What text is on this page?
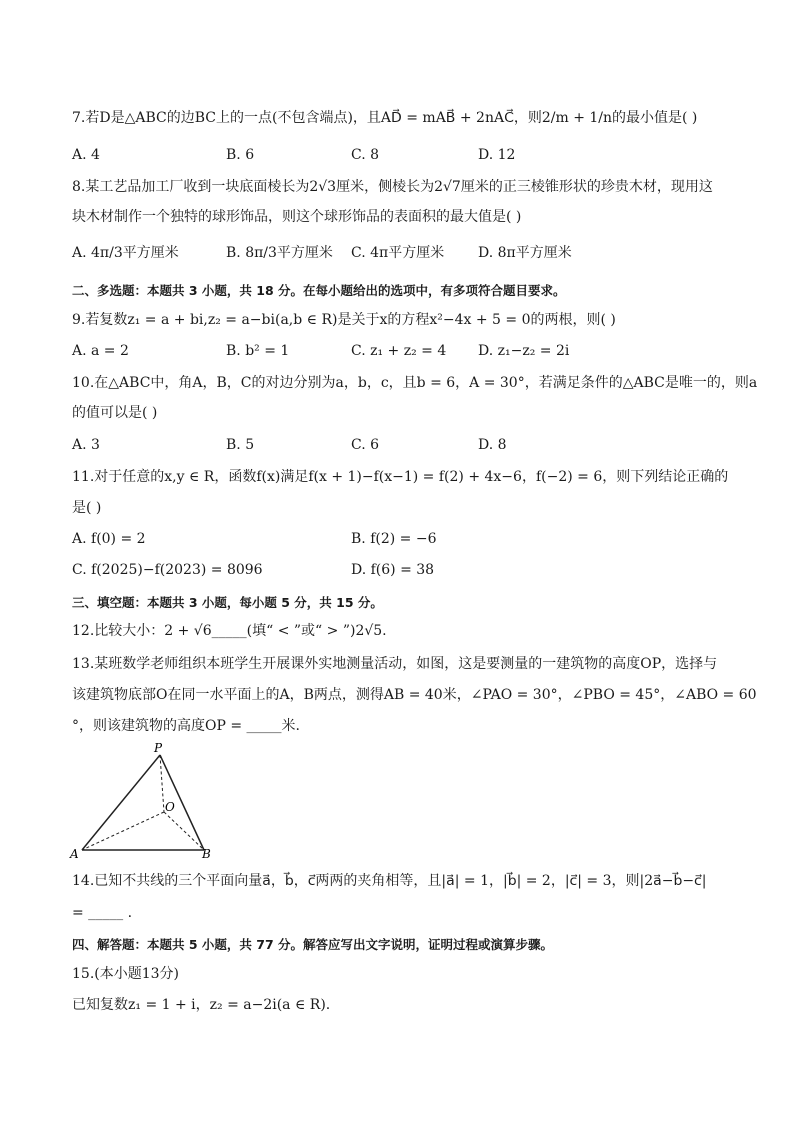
7.若D是△ABC的边BC上的一点(不包含端点)，且AD⃗ = mAB⃗ + 2nAC⃗，则2/m + 1/n的最小值是( )
A. 4	B. 6	C. 8	D. 12
8.某工艺品加工厂收到一块底面棱长为2√3厘米，侧棱长为2√7厘米的正三棱锥形状的珍贵木材，现用这
块木材制作一个独特的球形饰品，则这个球形饰品的表面积的最大值是( )
A. 4π/3平方厘米	B. 8π/3平方厘米 C. 4π平方厘米 D. 8π平方厘米
二、多选题：本题共 3 小题，共 18 分。在每小题给出的选项中，有多项符合题目要求。
9.若复数z₁ = a + bi,z₂ = a−bi(a,b ∈ R)是关于x的方程x²−4x + 5 = 0的两根，则( )
A. a = 2	B. b² = 1	C. z₁ + z₂ = 4 D. z₁−z₂ = 2i
10.在△ABC中，角A，B，C的对边分别为a，b，c，且b = 6，A = 30°，若满足条件的△ABC是唯一的，则a
的值可以是( )
A. 3	B. 5	C. 6	D. 8
11.对于任意的x,y ∈ R，函数f(x)满足f(x + 1)−f(x−1) = f(2) + 4x−6，f(−2) = 6，则下列结论正确的
是( )
A. f(0) = 2	B. f(2) = −6
C. f(2025)−f(2023) = 8096	D. f(6) = 38
三、填空题：本题共 3 小题，每小题 5 分，共 15 分。
12.比较大小：2 + √6_____(填“ < ”或“ > ”)2√5.
13.某班数学老师组织本班学生开展课外实地测量活动，如图，这是要测量的一建筑物的高度OP，选择与
该建筑物底部O在同一水平面上的A，B两点，测得AB = 40米，∠PAO = 30°，∠PBO = 45°，∠ABO = 60
°，则该建筑物的高度OP = _____米.
P
O
A	B
14.已知不共线的三个平面向量a⃗，b⃗，c⃗两两的夹角相等，且|a⃗| = 1，|b⃗| = 2，|c⃗| = 3，则|2a⃗−b⃗−c⃗|
= _____ .
四、解答题：本题共 5 小题，共 77 分。解答应写出文字说明，证明过程或演算步骤。
15.(本小题13分)
已知复数z₁ = 1 + i，z₂ = a−2i(a ∈ R).
